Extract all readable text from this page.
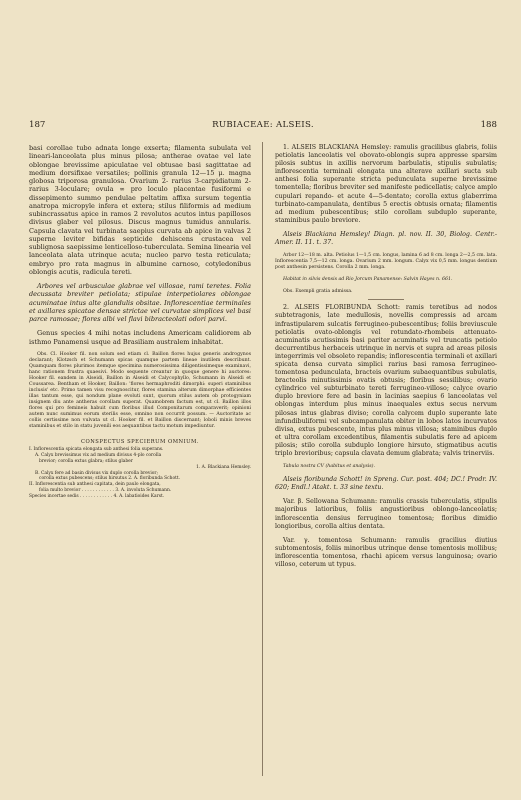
187	RUBIACEAE: ALSEIS.	188

basi corollae tubo adnata longe exserta; filamenta subulata vel lineari-lanceolata plus minus pilosa; antherae ovatae vel late oblongae brevissime apiculatae vel obtusae basi sagittatae ad medium dorsifixae versatiles; pollinis granula 12—15 μ. magna globosa triporosa granulosa. Ovarium 2- rarius 3-carpidiatum 2-rarius 3-loculare; ovula ∞ pro loculo placentae fusiformi e dissepimento summo pendulae peltatim affixa sursum tegentia anatropa micropyle infera et extera; stilus filiformis ad medium subincrassatus apice in ramos 2 revolutos acutos intus papillosos divisus glaber vel pilosus. Discus magnus tumidus annularis. Capsula clavata vel turbinata saepius curvata ab apice in valvas 2 superne leviter bifidas septicide dehiscens crustacea vel sublignosa saepissime lenticelloso-tuberculata. Semina linearia vel lanceolata alata utrinque acuta; nucleo parvo testa reticulata; embryo pro rata magnus in albumine carnoso, cotyledonibus oblongis acutis, radicula tereti.

Arbores vel arbusculae glabrae vel villosae, rami teretes. Folia decussata breviter petiolata; stipulae interpetiolares oblongae acuminatae intus alte glandulis obsitae. Inflorescentiae terminales et axillares spicatae densae strictae vel curvatae simplices vel basi parce ramosae; flores albi vel flavi bibracteolati odori parvi.

Genus species 4 mihi notas includens Americam calidiorem ab isthmo Panamensi usque ad Brasiliam australem inhabitat.

Obs. Cl. Hooker fil. non solum sed etiam cl. Baillon flores hujus generis androgynos declarant; Klotzsch et Schumann spicas quamque partem lineae inutilem describunt. Quamquam flores plurimos itemque specimina numerosissima diligentissimeque examinavi, hanc rationem frustra quaesivi. Modo sequente creantur in quoque genere hi auctores: Hooker fil. eandem in Alseidi, Baillon in Alseidi et Calycophyllo, Schumann in Alseidi et Coussarea. Bentham et Hooker, Baillon: 'flores hermaphroditi dimorphi: superi staminibus inclusis' etc. Primo tamen visu recognoscitur, flores stamina alterum dimorphae efficientes illas tantum esse, qui nondum plane evoluti sunt, quorum stilus autem ob protogyniam insignem diu ante antheras corollam superat. Quamobrem factum est, ut cl. Baillon illos flores qui pro femineis habuit cum floribus illud Componitarum comparaverit; opinioni autem nunc sumimus eorum sterilis esse, omnino non occurrit possum. — Auctoritate ac collis certissime non vulvata ut cl. Hooker fil. et Baillon discernant; loboli minis breves staminibus et stilo in statu juvenili eos aequantibus tactu motum impediuntur.

CONSPECTUS SPECIERUM OMNIUM.

I. Inflorescentia spicata elongata sub anthesi folia superans.
A. Calyx brevissimus vix ad medium divisus 4-plo corolla
brevior; corolla extus glabra; stilus glaber
1. A. Blackiana Hemsley.
B. Calyx fere ad basin divisus vix duplo corolla brevior;
corolla extus pubescens; stilus hirsutus 2. A. floribunda Schott.
II. Inflorescentia sub anthesi capitata, dein paulo elongata,
folia multo brevior . . . . . . . . . . . . 3. A. involuta Schumann.
Species incertae sedis . . . . . . . . . . . . 4. A. labatioides Karst.

1. ALSEIS BLACKIANA Hemsley: ramulis gracilibus glabris, foliis petiolatis lanceolatis vel obovato-oblongis supra appresse sparsim pilosis subtus in axillis nervorum barbulatis, stipulis subulatis; inflorescentia terminali elongata una alterave axillari sucta sub anthesi folia superante stricta pedunculata superne brevissime tomentella; floribus breviter sed manifeste pedicellatis; calyce amplo cupulari repando- et acute 4—5-dentato; corolla extus glaberrima turbinato-campanulata, dentibus 5 erectis obtusis ornata; filamentis ad medium pubescentibus; stilo corollam subduplo superante, staminibus paulo breviore.

Alseis Blackiana Hemsley! Diagn. pl. nov. II. 30, Biolog. Centr.-Amer. II. 11. t. 37.

Arbor 12—18 m. alta. Petiolus 1—1,5 cm. longus, lamina 6 ad 8 cm. longa 2—2,5 cm. lata. Inflorescentia 7,5—12 cm. longa. Ovarium 2 mm. longum. Calyx vix 0,5 mm. longus dentium post anthesin persistens. Corolla 2 mm. longa.

Habitat in silvis densis ad Rio Jorcum Panamense: Salvin Hayes n. 661.

Obs. Exempli gratia admissa.

2. ALSEIS FLORIBUNDA Schott: ramis teretibus ad nodos subtetragonis, late medullosis, novellis compressis ad arcam infrastipularem sulcatis ferrugineo-pubescentibus; foliis breviuscule petiolatis ovato-oblongis vel rotundato-rhombeis attenuato-acuminatis acutissimis basi pariter acuminatis vel truncatis petiolo decurrentibus herbaceis utrinque in nervis et supra ad areas pilosis integerrimis vel obsoleto repandis; inflorescentia terminali et axillari spicata densa curvata simplici rarius basi ramosa ferrugineo-tomentosa pedunculata, bracteis ovarium subaequantibus subulatis, bracteolis minutissimis ovatis obtusis; floribus sessilibus; ovario cylindrico vel subturbinato tereti ferrugineo-villoso; calyce ovario duplo breviore fere ad basin in lacinias saepius 6 lanceolatas vel oblongas interdum plus minus inaequales extus secus nervum pilosas intus glabras diviso; corolla calycem duplo superante late infundibuliformi vel subcampanulata obiter in lobos latos incurvatos divisa, extus pubescente, intus plus minus villosa; staminibus duplo et ultra corollam excedentibus, filamentis subulatis fere ad apicem pilosis; stilo corolla subduplo longiore hirsuto, stigmatibus acutis triplo brevioribus; capsula clavata demum glabrata; valvis trinerviis.

Tabula nostra CV (habitus et analysis).

Alseis floribunda Schott! in Spreng. Cur. post. 404; DC.! Prodr. IV. 620; Endl.! Atakt. t. 33 sine textu.

Var. β. Sellowana Schumann: ramulis crassis tuberculatis, stipulis majoribus latioribus, foliis angustioribus oblongo-lanceolatis; inflorescentia densius ferrugineo tomentosa; floribus dimidio longioribus, corolla altius dentata.

Var. γ. tomentosa Schumann: ramulis gracilius diutius subtomentosis, foliis minoribus utrinque dense tomentosis mollibus; inflorescentia tomentosa, rhachi apicem versus languinosa; ovario villoso, ceterum ut typus.
